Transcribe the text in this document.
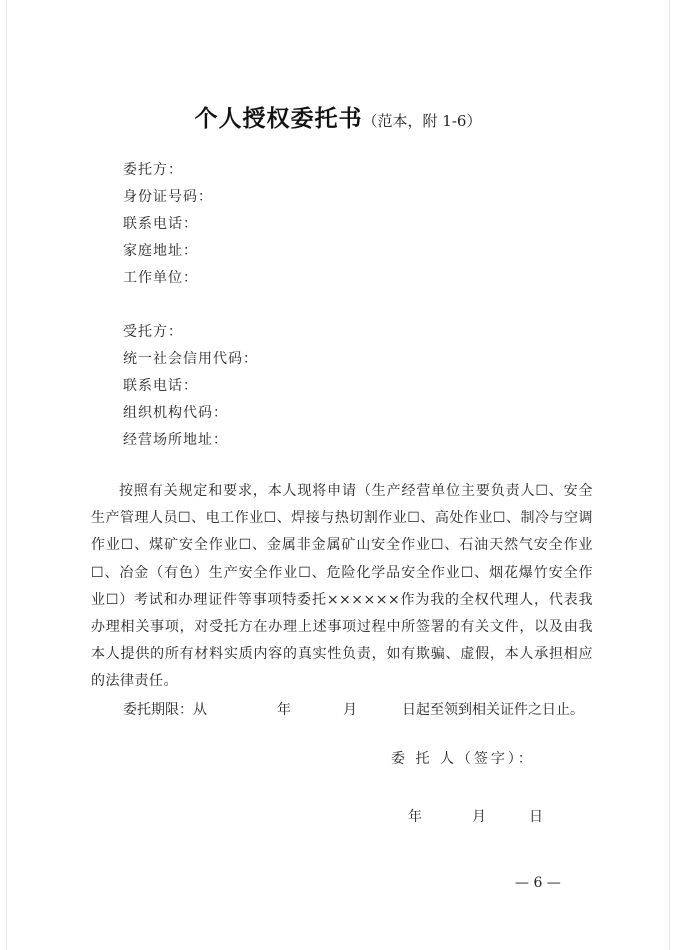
个人授权委托书（范本，附 1-6）
委托方：
身份证号码：
联系电话：
家庭地址：
工作单位：
受托方：
统一社会信用代码：
联系电话：
组织机构代码：
经营场所地址：

按照有关规定和要求，本人现将申请（生产经营单位主要负责人☐、安全生产管理人员☐、电工作业☐、焊接与热切割作业☐、高处作业☐、制冷与空调作业☐、煤矿安全作业☐、金属非金属矿山安全作业☐、石油天然气安全作业☐、冶金（有色）生产安全作业☐、危险化学品安全作业☐、烟花爆竹安全作业☐）考试和办理证件等事项特委托××××××作为我的全权代理人，代表我办理相关事项，对受托方在办理上述事项过程中所签署的有关文件，以及由我本人提供的所有材料实质内容的真实性负责，如有欺骗、虚假，本人承担相应的法律责任。

委托期限：从	年	月	日起至领到相关证件之日止。
委 托 人（签字）：
年	月	日
— 6 —
